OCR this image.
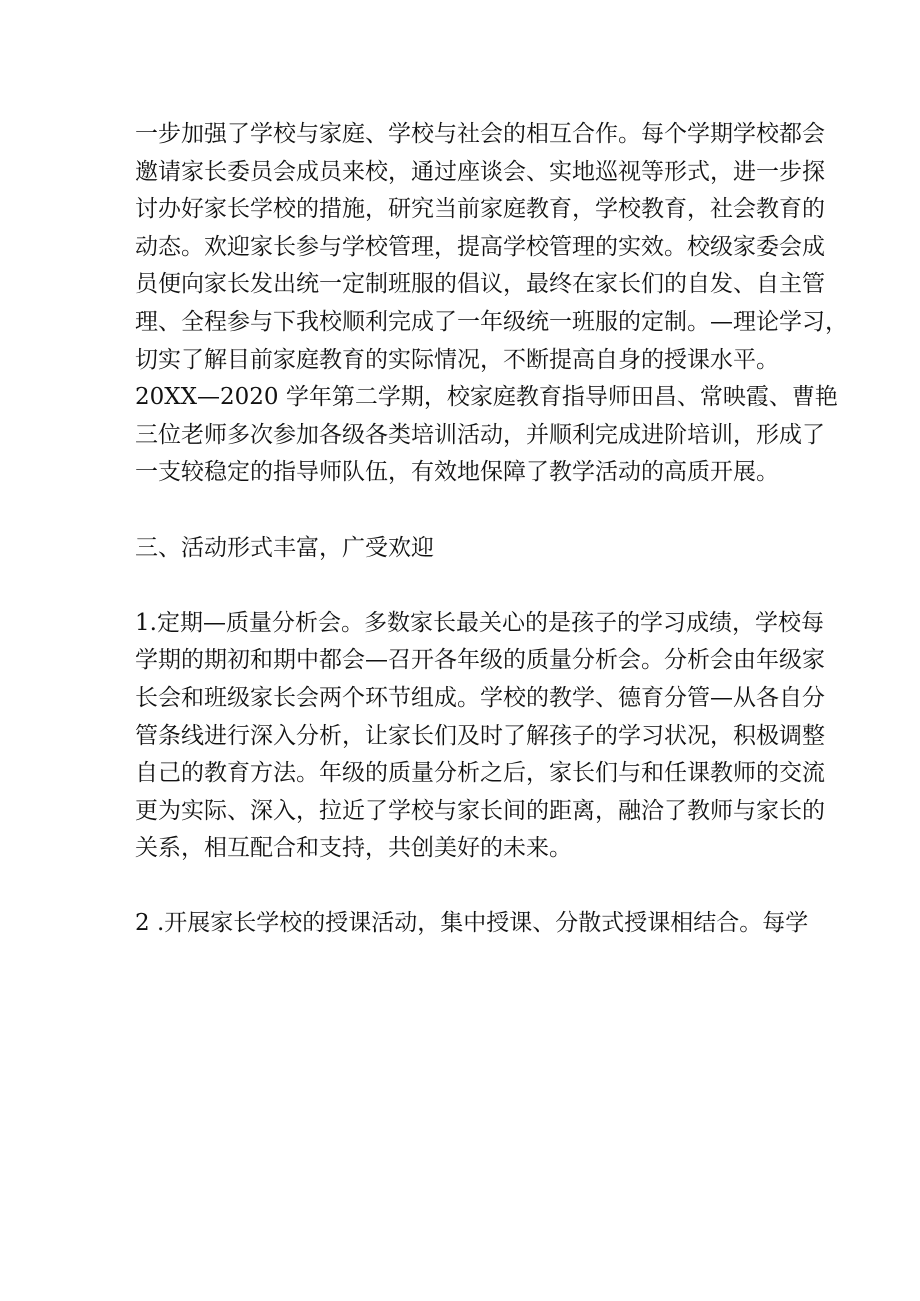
一步加强了学校与家庭、学校与社会的相互合作。每个学期学校都会
邀请家长委员会成员来校，通过座谈会、实地巡视等形式，进一步探
讨办好家长学校的措施，研究当前家庭教育，学校教育，社会教育的
动态。欢迎家长参与学校管理，提高学校管理的实效。校级家委会成
员便向家长发出统一定制班服的倡议，最终在家长们的自发、自主管
理、全程参与下我校顺利完成了一年级统一班服的定制。—理论学习，
切实了解目前家庭教育的实际情况，不断提高自身的授课水平。
20XX—2020 学年第二学期，校家庭教育指导师田昌、常映霞、曹艳
三位老师多次参加各级各类培训活动，并顺利完成进阶培训，形成了
一支较稳定的指导师队伍，有效地保障了教学活动的高质开展。
三、活动形式丰富，广受欢迎
1.定期—质量分析会。多数家长最关心的是孩子的学习成绩，学校每
学期的期初和期中都会—召开各年级的质量分析会。分析会由年级家
长会和班级家长会两个环节组成。学校的教学、德育分管—从各自分
管条线进行深入分析，让家长们及时了解孩子的学习状况，积极调整
自己的教育方法。年级的质量分析之后，家长们与和任课教师的交流
更为实际、深入，拉近了学校与家长间的距离，融洽了教师与家长的
关系，相互配合和支持，共创美好的未来。
2 .开展家长学校的授课活动，集中授课、分散式授课相结合。每学
